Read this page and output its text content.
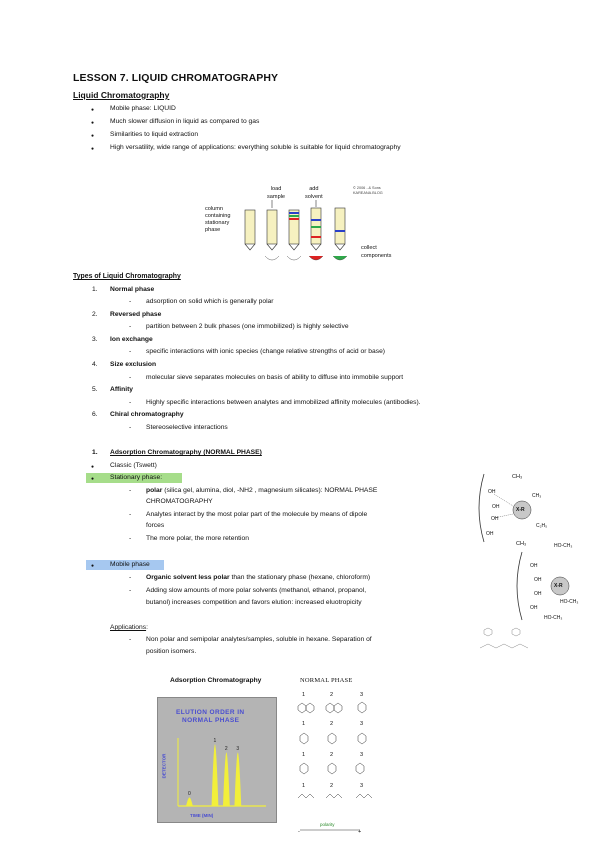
LESSON 7. LIQUID CHROMATOGRAPHY
Liquid Chromatography
● Mobile phase: LIQUID
● Much slower diffusion in liquid as compared to gas
● Similarities to liquid extraction
● High versatility, wide range of applications: everything soluble is suitable for liquid chromatography
column
containing
stationary
phase
load
sample
add
solvent
© 2006 ..& Sons
KAREANA.BLOG
collect
components
Types of Liquid Chromatography
1. Normal phase
- adsorption on solid which is generally polar
2. Reversed phase
- partition between 2 bulk phases (one immobilized) is highly selective
3. Ion exchange
- specific interactions with ionic species (change relative strengths of acid or base)
4. Size exclusion
- molecular sieve separates molecules on basis of ability to diffuse into immobile support
5. Affinity
- Highly specific interactions between analytes and immobilized affinity molecules (antibodies).
6. Chiral chromatography
- Stereoselective interactions
1. Adsorption Chromatography (NORMAL PHASE)
● Classic (Tswett)
● Stationary phase:
- polar (silica gel, alumina, diol, -NH2 , magnesium silicates): NORMAL PHASE
CHROMATOGRAPHY
- Analytes interact by the most polar part of the molecule by means of dipole
forces
- The more polar, the more retention
● Mobile phase
- Organic solvent less polar than the stationary phase (hexane, chloroform)
- Adding slow amounts of more polar solvents (methanol, ethanol, propanol,
butanol) increases competition and favors elution: increased eluotropicity
Applications:
- Non polar and semipolar analytes/samples, soluble in hexane. Separation of
position isomers.
CH₃
CH₃
C₂H₅
OH
OH
OH
OH
X-R
CH₃	HO-CH₃
HO-CH₃
HO-CH₃
OH
OH
OH
OH
X-R
Adsorption Chromatography
ELUTION ORDER IN
NORMAL PHASE
DETECTOR
TIME (MIN)
0
1
2 3
NORMAL PHASE
1	2	3
1	2	3
1	2	3
1	2	3
polarity
-	+
